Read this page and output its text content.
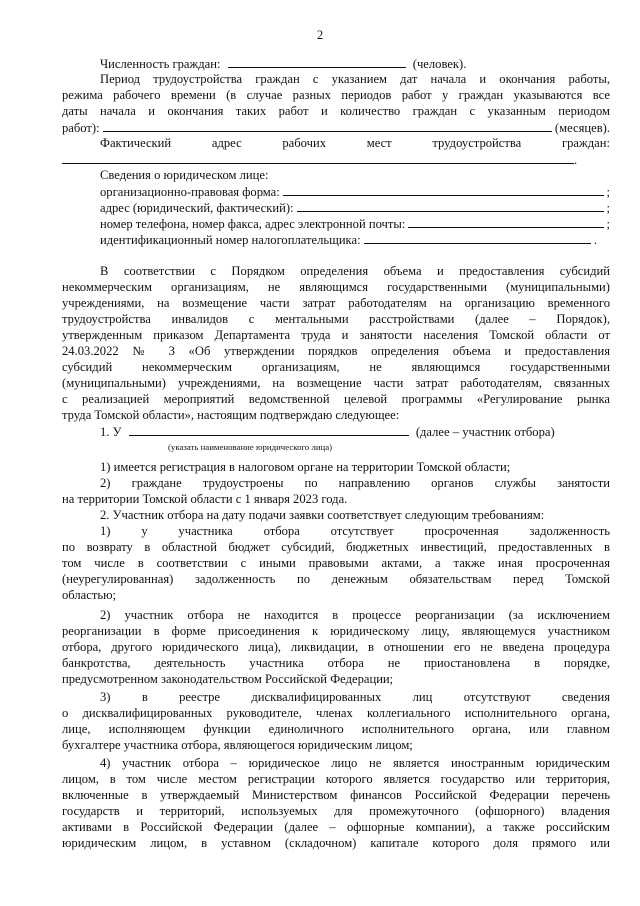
2
Численность граждан:	(человек).
Период трудоустройства граждан с указанием дат начала и окончания работы,
режима рабочего времени (в случае разных периодов работ у граждан указываются все
даты начала и окончания таких работ и количество граждан с указанным периодом
работ):	(месяцев).
Фактический	адрес	рабочих	мест	трудоустройства	граждан:
.
Сведения о юридическом лице:
организационно-правовая форма:	;
адрес (юридический, фактический):	;
номер телефона, номер факса, адрес электронной почты:	;
идентификационный номер налогоплательщика:	.
В соответствии с Порядком определения объема и предоставления субсидий
некоммерческим организациям, не являющимся государственными (муниципальными)
учреждениями, на возмещение части затрат работодателям на организацию временного
трудоустройства инвалидов с ментальными расстройствами (далее – Порядок),
утвержденным приказом Департамента труда и занятости населения Томской области от
24.03.2022 № 3 «Об утверждении порядков определения объема и предоставления
субсидий некоммерческим организациям, не являющимся государственными
(муниципальными) учреждениями, на возмещение части затрат работодателям, связанных
с реализацией мероприятий ведомственной целевой программы «Регулирование рынка
труда Томской области», настоящим подтверждаю следующее:
1. У	(далее – участник отбора)
(указать наименование юридического лица)
1) имеется регистрация в налоговом органе на территории Томской области;
2) граждане трудоустроены по направлению органов службы занятости
на территории Томской области с 1 января 2023 года.
2. Участник отбора на дату подачи заявки соответствует следующим требованиям:
1) у участника отбора отсутствует просроченная задолженность
по возврату в областной бюджет субсидий, бюджетных инвестиций, предоставленных в
том числе в соответствии с иными правовыми актами, а также иная просроченная
(неурегулированная) задолженность по денежным обязательствам перед Томской
областью;
2) участник отбора не находится в процессе реорганизации (за исключением
реорганизации в форме присоединения к юридическому лицу, являющемуся участником
отбора, другого юридического лица), ликвидации, в отношении его не введена процедура
банкротства, деятельность участника отбора не приостановлена в порядке,
предусмотренном законодательством Российской Федерации;
3) в реестре дисквалифицированных лиц отсутствуют сведения
о дисквалифицированных руководителе, членах коллегиального исполнительного органа,
лице, исполняющем функции единоличного исполнительного органа, или главном
бухгалтере участника отбора, являющегося юридическим лицом;
4) участник отбора – юридическое лицо не является иностранным юридическим
лицом, в том числе местом регистрации которого является государство или территория,
включенные в утверждаемый Министерством финансов Российской Федерации перечень
государств и территорий, используемых для промежуточного (офшорного) владения
активами в Российской Федерации (далее – офшорные компании), а также российским
юридическим лицом, в уставном (складочном) капитале которого доля прямого или
